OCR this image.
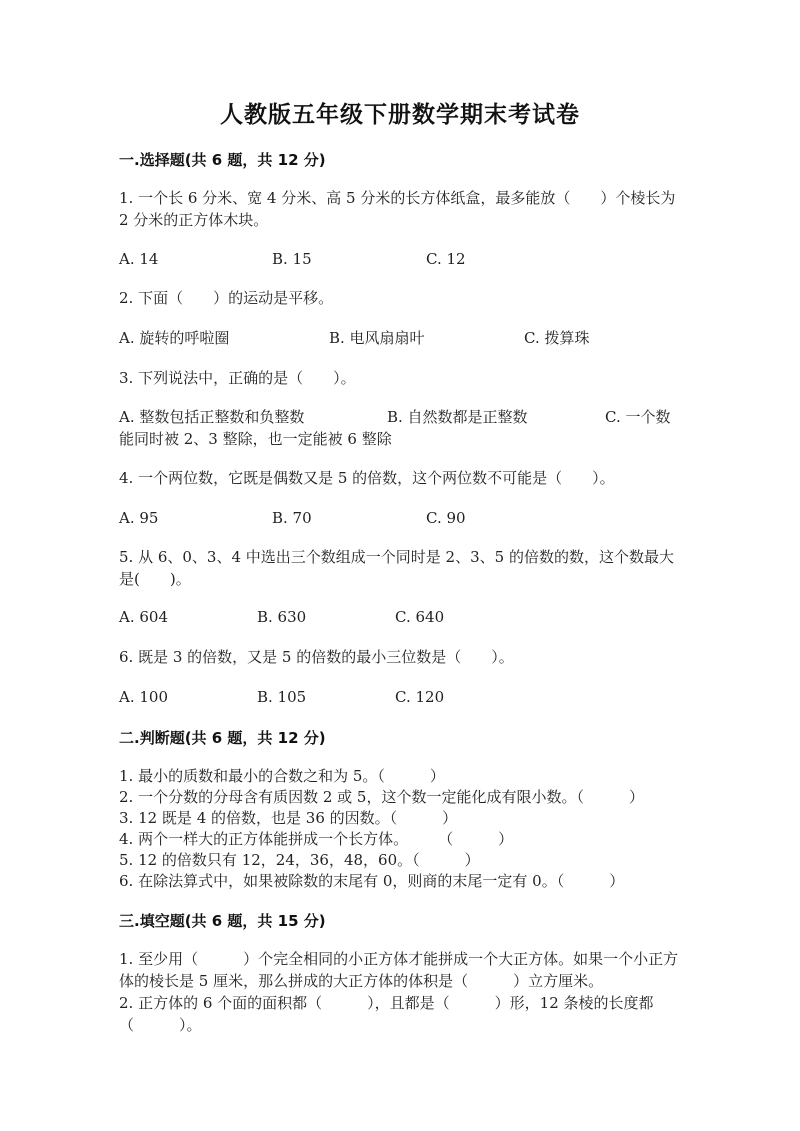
人教版五年级下册数学期末考试卷
一.选择题(共 6 题，共 12 分)
1. 一个长 6 分米、宽 4 分米、高 5 分米的长方体纸盒，最多能放（　　）个棱长为 2 分米的正方体木块。
A. 14	B. 15	C. 12
2. 下面（　　）的运动是平移。
A. 旋转的呼啦圈	B. 电风扇扇叶	C. 拨算珠
3. 下列说法中，正确的是（　　）。
A. 整数包括正整数和负整数	B. 自然数都是正整数	C. 一个数
能同时被 2、3 整除，也一定能被 6 整除
4. 一个两位数，它既是偶数又是 5 的倍数，这个两位数不可能是（　　）。
A. 95	B. 70	C. 90
5. 从 6、0、3、4 中选出三个数组成一个同时是 2、3、5 的倍数的数，这个数最大是(　　)。
A. 604	B. 630	C. 640
6. 既是 3 的倍数，又是 5 的倍数的最小三位数是（　　）。
A. 100	B. 105	C. 120
二.判断题(共 6 题，共 12 分)
1. 最小的质数和最小的合数之和为 5。（　　　）
2. 一个分数的分母含有质因数 2 或 5，这个数一定能化成有限小数。（　　　）
3. 12 既是 4 的倍数，也是 36 的因数。（　　　）
4. 两个一样大的正方体能拼成一个长方体。　　　（　　　）
5. 12 的倍数只有 12，24，36，48，60。（　　　）
6. 在除法算式中，如果被除数的末尾有 0，则商的末尾一定有 0。（　　　）
三.填空题(共 6 题，共 15 分)
1. 至少用（　　　）个完全相同的小正方体才能拼成一个大正方体。如果一个小正方体的棱长是 5 厘米，那么拼成的大正方体的体积是（　　　）立方厘米。
2. 正方体的 6 个面的面积都（　　　），且都是（　　　）形，12 条棱的长度都（　　　）。
